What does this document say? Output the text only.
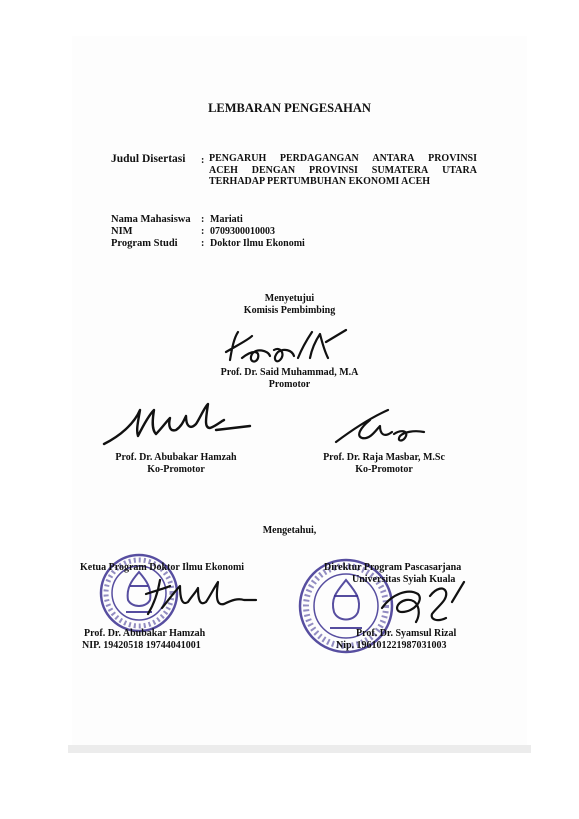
LEMBARAN PENGESAHAN
Judul Disertasi : PENGARUH PERDAGANGAN ANTARA PROVINSI
ACEH DENGAN PROVINSI SUMATERA UTARA
TERHADAP PERTUMBUHAN EKONOMI ACEH
Nama Mahasiswa : Mariati
NIM	: 0709300010003
Program Studi : Doktor Ilmu Ekonomi
Menyetujui
Komisis Pembimbing
Prof. Dr. Said Muhammad, M.A
Promotor
Prof. Dr. Abubakar Hamzah
Ko-Promotor
Prof. Dr. Raja Masbar, M.Sc
Ko-Promotor
Mengetahui,
Ketua Program Doktor Ilmu Ekonomi
Prof. Dr. Abubakar Hamzah
NIP. 19420518 19744041001
Direktur Program Pascasarjana
Universitas Syiah Kuala
Prof. Dr. Syamsul Rizal
Nip. 196101221987031003
